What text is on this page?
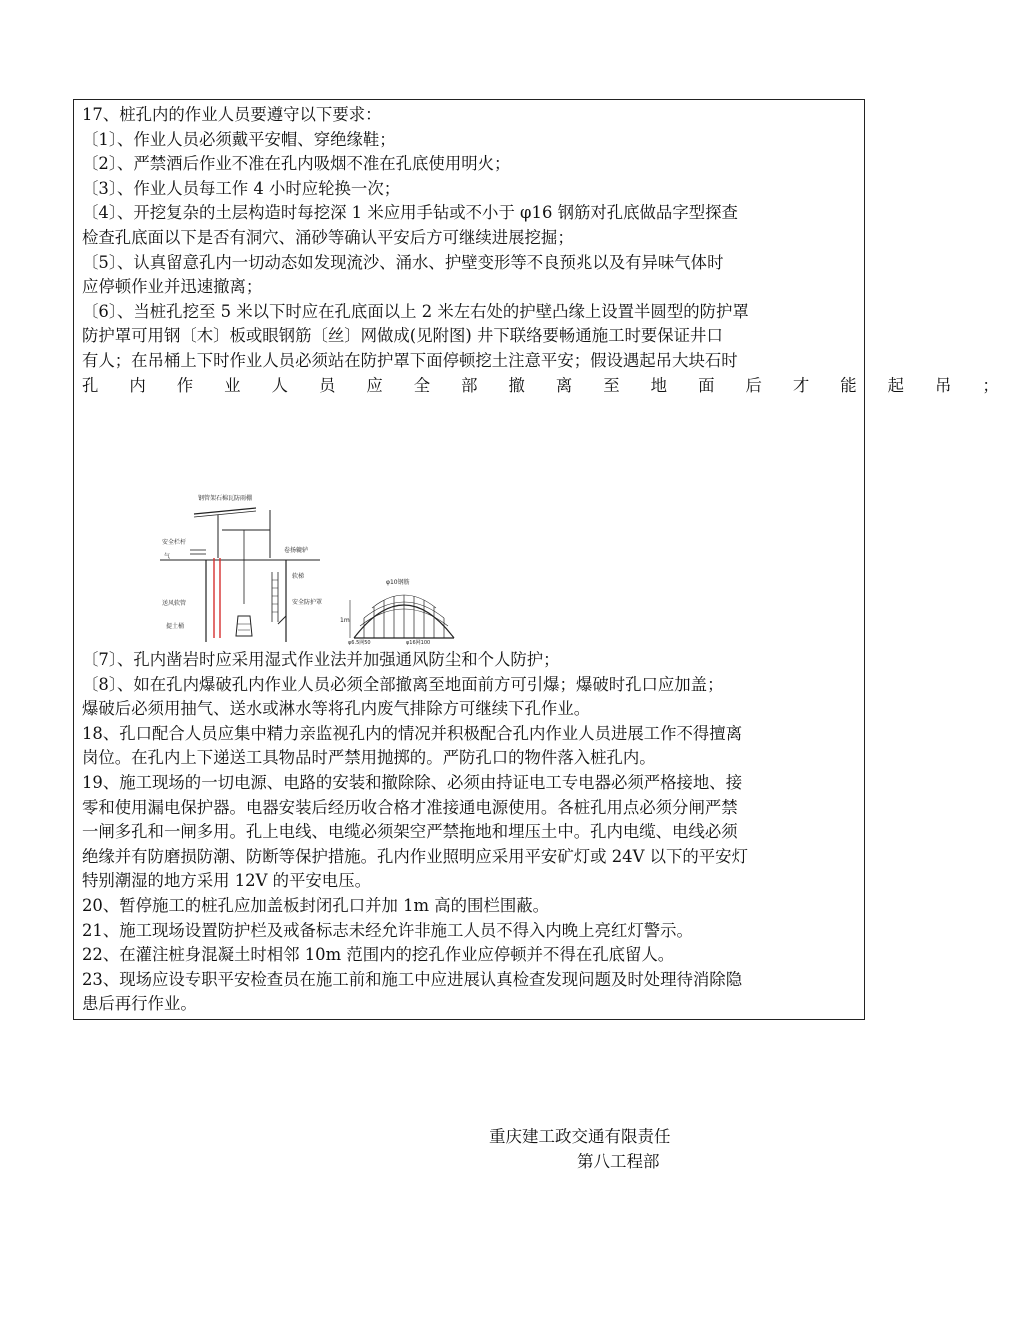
17、桩孔内的作业人员要遵守以下要求：
〔1〕、作业人员必须戴平安帽、穿绝缘鞋；
〔2〕、严禁酒后作业不准在孔内吸烟不准在孔底使用明火；
〔3〕、作业人员每工作 4 小时应轮换一次；
〔4〕、开挖复杂的土层构造时每挖深 1 米应用手钻或不小于 φ16 钢筋对孔底做品字型探查
检查孔底面以下是否有洞穴、涌砂等确认平安后方可继续进展挖掘；
〔5〕、认真留意孔内一切动态如发现流沙、涌水、护壁变形等不良预兆以及有异味气体时
应停顿作业并迅速撤离；
〔6〕、当桩孔挖至 5 米以下时应在孔底面以上 2 米左右处的护壁凸缘上设置半圆型的防护罩
防护罩可用钢〔木〕板或眼钢筋〔丝〕网做成(见附图) 井下联络要畅通施工时要保证井口
有人；在吊桶上下时作业人员必须站在防护罩下面停顿挖土注意平安；假设遇起吊大块石时
孔内作业人员应全部撤离至地面后才能起吊；
钢管架石棉瓦防雨棚
安全栏杆
气
卷扬辘轳
送风软管
提土桶
软梯
安全防护罩
φ10钢筋
1m
φ6.5网50	φ16网100
〔7〕、孔内凿岩时应采用湿式作业法并加强通风防尘和个人防护；
〔8〕、如在孔内爆破孔内作业人员必须全部撤离至地面前方可引爆；爆破时孔口应加盖；
爆破后必须用抽气、送水或淋水等将孔内废气排除方可继续下孔作业。
18、孔口配合人员应集中精力亲监视孔内的情况并积极配合孔内作业人员进展工作不得擅离
岗位。在孔内上下递送工具物品时严禁用抛掷的。严防孔口的物件落入桩孔内。
19、施工现场的一切电源、电路的安装和撤除除、必须由持证电工专电器必须严格接地、接
零和使用漏电保护器。电器安装后经历收合格才准接通电源使用。各桩孔用点必须分闸严禁
一闸多孔和一闸多用。孔上电线、电缆必须架空严禁拖地和埋压土中。孔内电缆、电线必须
绝缘并有防磨损防潮、防断等保护措施。孔内作业照明应采用平安矿灯或 24V 以下的平安灯
特别潮湿的地方采用 12V 的平安电压。
20、暂停施工的桩孔应加盖板封闭孔口并加 1m 高的围栏围蔽。
21、施工现场设置防护栏及戒备标志未经允许非施工人员不得入内晚上亮红灯警示。
22、在灌注桩身混凝土时相邻 10m 范围内的挖孔作业应停顿并不得在孔底留人。
23、现场应设专职平安检查员在施工前和施工中应进展认真检查发现问题及时处理待消除隐
患后再行作业。
重庆建工政交通有限责任
第八工程部
